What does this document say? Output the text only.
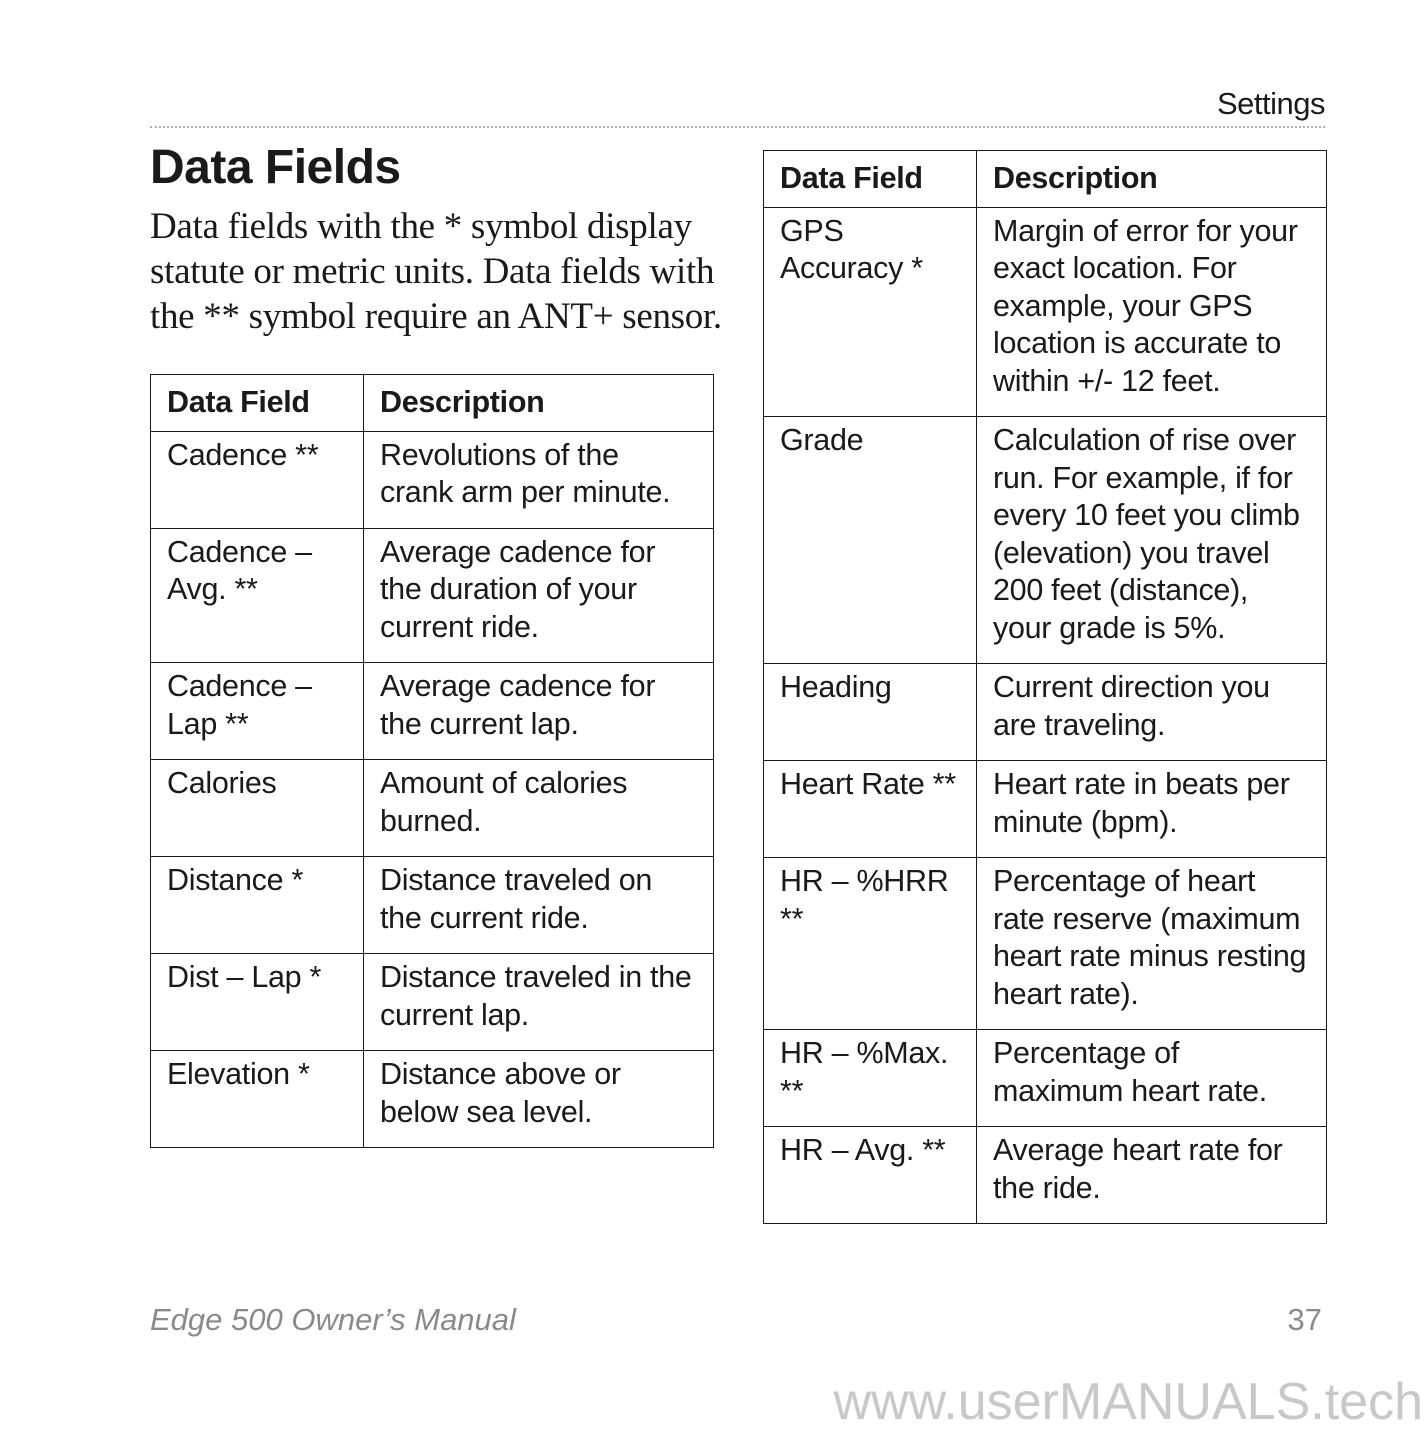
Settings
Data Fields

Data fields with the * symbol display statute or metric units. Data fields with the ** symbol require an ANT+ sensor.

Data Field	Description
Cadence **	Revolutions of the crank arm per minute.
Cadence – Avg. **	Average cadence for the duration of your current ride.
Cadence – Lap **	Average cadence for the current lap.
Calories	Amount of calories burned.
Distance *	Distance traveled on the current ride.
Dist – Lap *	Distance traveled in the current lap.
Elevation *	Distance above or below sea level.
Data Field	Description
GPS Accuracy *	Margin of error for your exact location. For example, your GPS location is accurate to within +/- 12 feet.
Grade	Calculation of rise over run. For example, if for every 10 feet you climb (elevation) you travel 200 feet (distance), your grade is 5%.
Heading	Current direction you are traveling.
Heart Rate **	Heart rate in beats per minute (bpm).
HR – %HRR **	Percentage of heart rate reserve (maximum heart rate minus resting heart rate).
HR – %Max. **	Percentage of maximum heart rate.
HR – Avg. **	Average heart rate for the ride.
Edge 500 Owner’s Manual	37
www.userMANUALS.tech
